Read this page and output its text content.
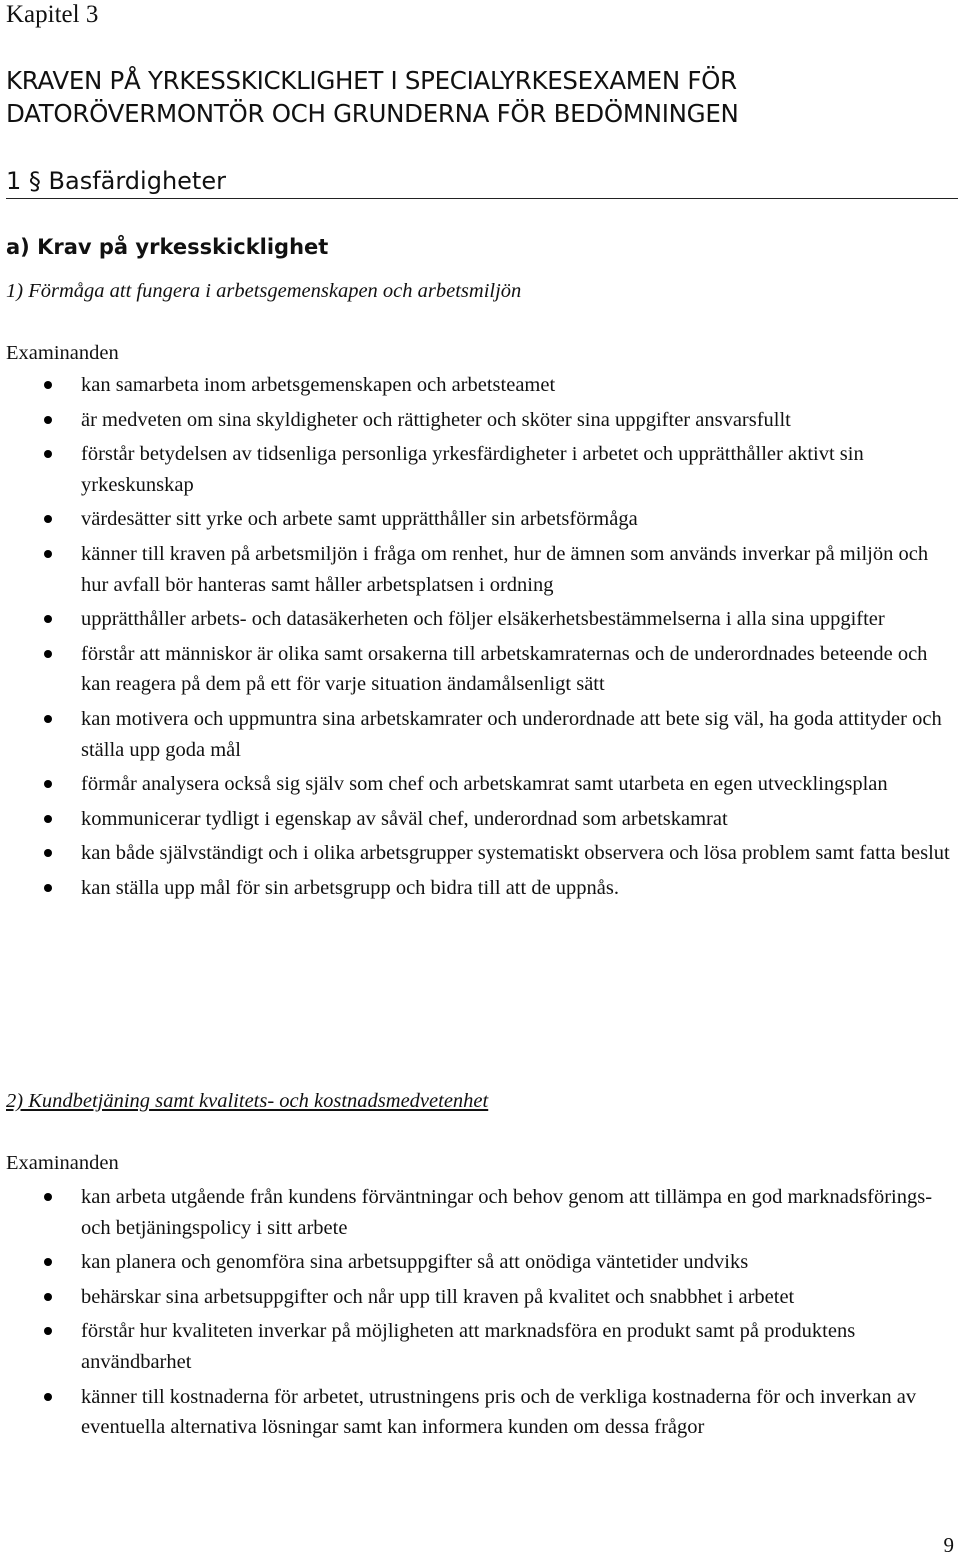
Kapitel 3
KRAVEN PÅ YRKESSKICKLIGHET I SPECIALYRKESEXAMEN FÖR DATORÖVERMONTÖR OCH GRUNDERNA FÖR BEDÖMNINGEN
1 § Basfärdigheter
a) Krav på yrkesskicklighet
1) Förmåga att fungera i arbetsgemenskapen och arbetsmiljön
Examinanden
kan samarbeta inom arbetsgemenskapen och arbetsteamet
är medveten om sina skyldigheter och rättigheter och sköter sina uppgifter ansvarsfullt
förstår betydelsen av tidsenliga personliga yrkesfärdigheter i arbetet och upprätthåller aktivt sin yrkeskunskap
värdesätter sitt yrke och arbete samt upprätthåller sin arbetsförmåga
känner till kraven på arbetsmiljön i fråga om renhet, hur de ämnen som används inverkar på miljön och hur avfall bör hanteras samt håller arbetsplatsen i ordning
upprätthåller arbets- och datasäkerheten och följer elsäkerhetsbestämmelserna i alla sina uppgifter
förstår att människor är olika samt orsakerna till arbetskamraternas och de underordnades beteende och kan reagera på dem på ett för varje situation ändamålsenligt sätt
kan motivera och uppmuntra sina arbetskamrater och underordnade att bete sig väl, ha goda attityder och ställa upp goda mål
förmår analysera också sig själv som chef och arbetskamrat samt utarbeta en egen utvecklingsplan
kommunicerar tydligt i egenskap av såväl chef, underordnad som arbetskamrat
kan både självständigt och i olika arbetsgrupper systematiskt observera och lösa problem samt fatta beslut
kan ställa upp mål för sin arbetsgrupp och bidra till att de uppnås.
2) Kundbetjäning samt kvalitets- och kostnadsmedvetenhet
Examinanden
kan arbeta utgående från kundens förväntningar och behov genom att tillämpa en god marknadsförings- och betjäningspolicy i sitt arbete
kan planera och genomföra sina arbetsuppgifter så att onödiga väntetider undviks
behärskar sina arbetsuppgifter och når upp till kraven på kvalitet och snabbhet i arbetet
förstår hur kvaliteten inverkar på möjligheten att marknadsföra en produkt samt på produktens användbarhet
känner till kostnaderna för arbetet, utrustningens pris och de verkliga kostnaderna för och inverkan av eventuella alternativa lösningar samt kan informera kunden om dessa frågor
9
